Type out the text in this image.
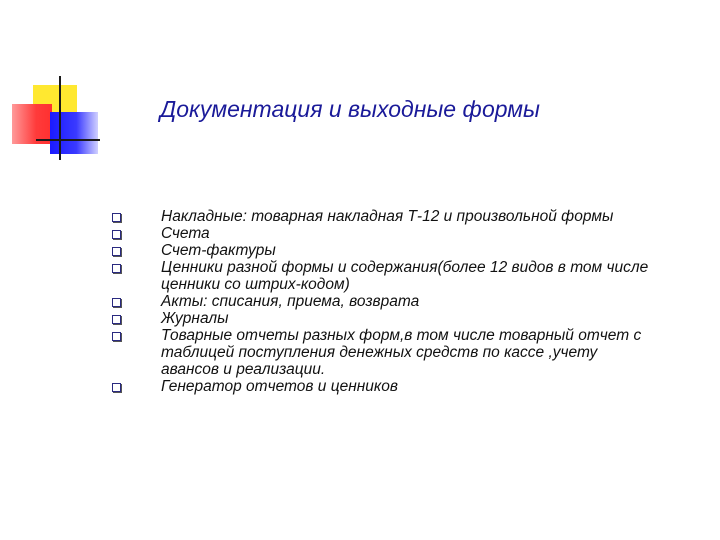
Документация и выходные формы
Накладные: товарная накладная Т-12 и произвольной формы
Счета
Счет-фактуры
Ценники разной формы и содержания(более 12 видов в том числе ценники со штрих-кодом)
Акты: списания, приема, возврата
Журналы
Товарные отчеты разных форм,в том числе товарный отчет с таблицей поступления денежных средств по кассе ,учету авансов и реализации.
Генератор отчетов и ценников
